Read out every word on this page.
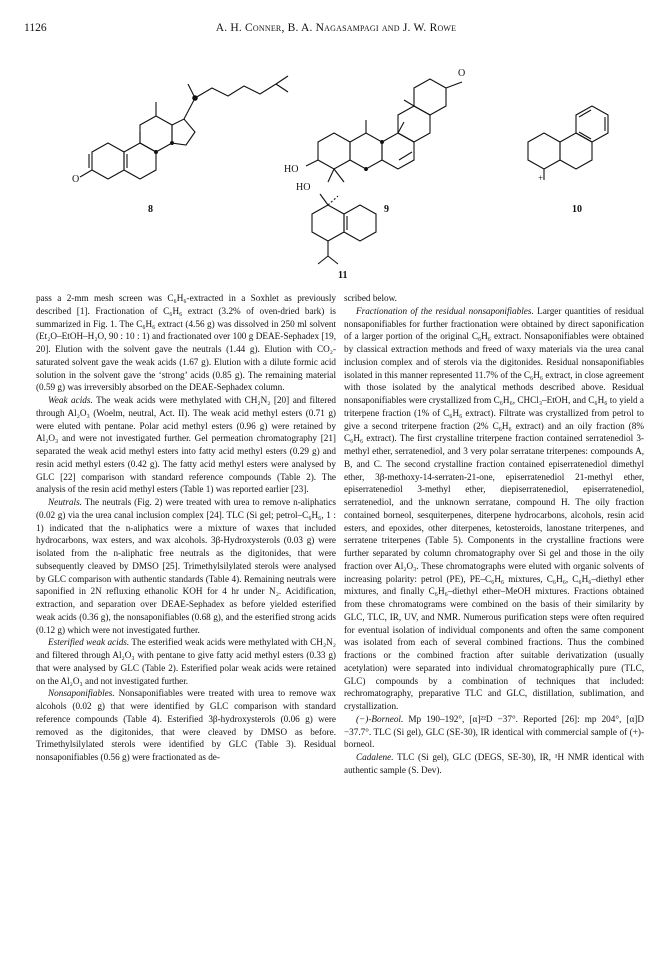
1126	A. H. Conner, B. A. Nagasampagi and J. W. Rowe
O
8
O
HO
9
+
10
HO
11

pass a 2-mm mesh screen was C₆H₆-extracted in a Soxhlet as previously described [1]. Fractionation of C₆H₆ extract (3.2% of oven-dried bark) is summarized in Fig. 1. The C₆H₆ extract (4.56 g) was dissolved in 250 ml solvent (Et₂O–EtOH–H₂O, 90 : 10 : 1) and fractionated over 100 g DEAE-Sephadex [19, 20]. Elution with the solvent gave the neutrals (1.44 g). Elution with CO₂-saturated solvent gave the weak acids (1.67 g). Elution with a dilute formic acid solution in the solvent gave the ‘strong’ acids (0.85 g). The remaining material (0.59 g) was irreversibly absorbed on the DEAE-Sephadex column.

Weak acids. The weak acids were methylated with CH₂N₂ [20] and filtered through Al₂O₃ (Woelm, neutral, Act. II). The weak acid methyl esters (0.71 g) were eluted with pentane. Polar acid methyl esters (0.96 g) were retained by Al₂O₃ and were not investigated further. Gel permeation chromatography [21] separated the weak acid methyl esters into fatty acid methyl esters (0.29 g) and resin acid methyl esters (0.42 g). The fatty acid methyl esters were analysed by GLC [22] comparison with standard reference compounds (Table 2). The analysis of the resin acid methyl esters (Table 1) was reported earlier [23].

Neutrals. The neutrals (Fig. 2) were treated with urea to remove n-aliphatics (0.02 g) via the urea canal inclusion complex [24]. TLC (Si gel; petrol–C₆H₆, 1 : 1) indicated that the n-aliphatics were a mixture of waxes that included hydrocarbons, wax esters, and wax alcohols. 3β-Hydroxysterols (0.03 g) were isolated from the n-aliphatic free neutrals as the digitonides, that were subsequently cleaved by DMSO [25]. Trimethylsilylated sterols were analysed by GLC comparison with authentic standards (Table 4). Remaining neutrals were saponified in 2N refluxing ethanolic KOH for 4 hr under N₂. Acidification, extraction, and separation over DEAE-Sephadex as before yielded esterified weak acids (0.36 g), the nonsaponifiables (0.68 g), and the esterified strong acids (0.12 g) which were not investigated further.

Esterified weak acids. The esterified weak acids were methylated with CH₂N₂ and filtered through Al₂O₃ with pentane to give fatty acid methyl esters (0.33 g) that were analysed by GLC (Table 2). Esterified polar weak acids were retained on the Al₂O₃ and not investigated further.

Nonsaponifiables. Nonsaponifiables were treated with urea to remove wax alcohols (0.02 g) that were identified by GLC comparison with standard reference compounds (Table 4). Esterified 3β-hydroxysterols (0.06 g) were removed as the digitonides, that were cleaved by DMSO as before. Trimethylsilylated sterols were identified by GLC (Table 3). Residual nonsaponifiables (0.56 g) were fractionated as de-

scribed below.

Fractionation of the residual nonsaponifiables. Larger quantities of residual nonsaponifiables for further fractionation were obtained by direct saponification of a larger portion of the original C₆H₆ extract. Nonsaponifiables were obtained by classical extraction methods and freed of waxy materials via the urea canal inclusion complex and of sterols via the digitonides. Residual nonsaponifiables isolated in this manner represented 11.7% of the C₆H₆ extract, in close agreement with those isolated by the analytical methods described above. Residual nonsaponifiables were crystallized from C₆H₆, CHCl₃–EtOH, and C₆H₆ to yield a triterpene fraction (1% of C₆H₆ extract). Filtrate was crystallized from petrol to give a second triterpene fraction (2% C₆H₆ extract) and an oily fraction (8% C₆H₆ extract). The first crystalline triterpene fraction contained serratenediol 3-methyl ether, serratenediol, and 3 very polar serratane triterpenes: compounds A, B, and C. The second crystalline fraction contained episerratenediol dimethyl ether, 3β-methoxy-14-serraten-21-one, episerratenediol 21-methyl ether, episerratenediol 3-methyl ether, diepiserratenediol, episerratenediol, serratenediol, and the unknown serratane, compound H. The oily fraction contained borneol, sesquiterpenes, diterpene hydrocarbons, alcohols, resin acid esters, and epoxides, other diterpenes, ketosteroids, lanostane triterpenes, and serratene triterpenes (Table 5). Components in the crystalline fractions were further separated by column chromatography over Si gel and those in the oily fraction over Al₂O₃. These chromatographs were eluted with organic solvents of increasing polarity: petrol (PE), PE–C₆H₆ mixtures, C₆H₆, C₆H₆–diethyl ether mixtures, and finally C₆H₆–diethyl ether–MeOH mixtures. Fractions obtained from these chromatograms were combined on the basis of their similarity by GLC, TLC, IR, UV, and NMR. Numerous purification steps were often required for eventual isolation of individual components and often the same component was isolated from each of several combined fractions. Thus the combined fractions or the combined fraction after suitable derivatization (usually acetylation) were separated into individual chromatographically pure (TLC, GLC) compounds by a combination of techniques that included: rechromatography, preparative TLC and GLC, distillation, sublimation, and crystallization.

(−)-Borneol. Mp 190–192°, [α]²²D −37°. Reported [26]: mp 204°, [α]D −37.7°. TLC (Si gel), GLC (SE-30), IR identical with commercial sample of (+)-borneol.

Cadalene. TLC (Si gel), GLC (DEGS, SE-30), IR, ¹H NMR identical with authentic sample (S. Dev).
